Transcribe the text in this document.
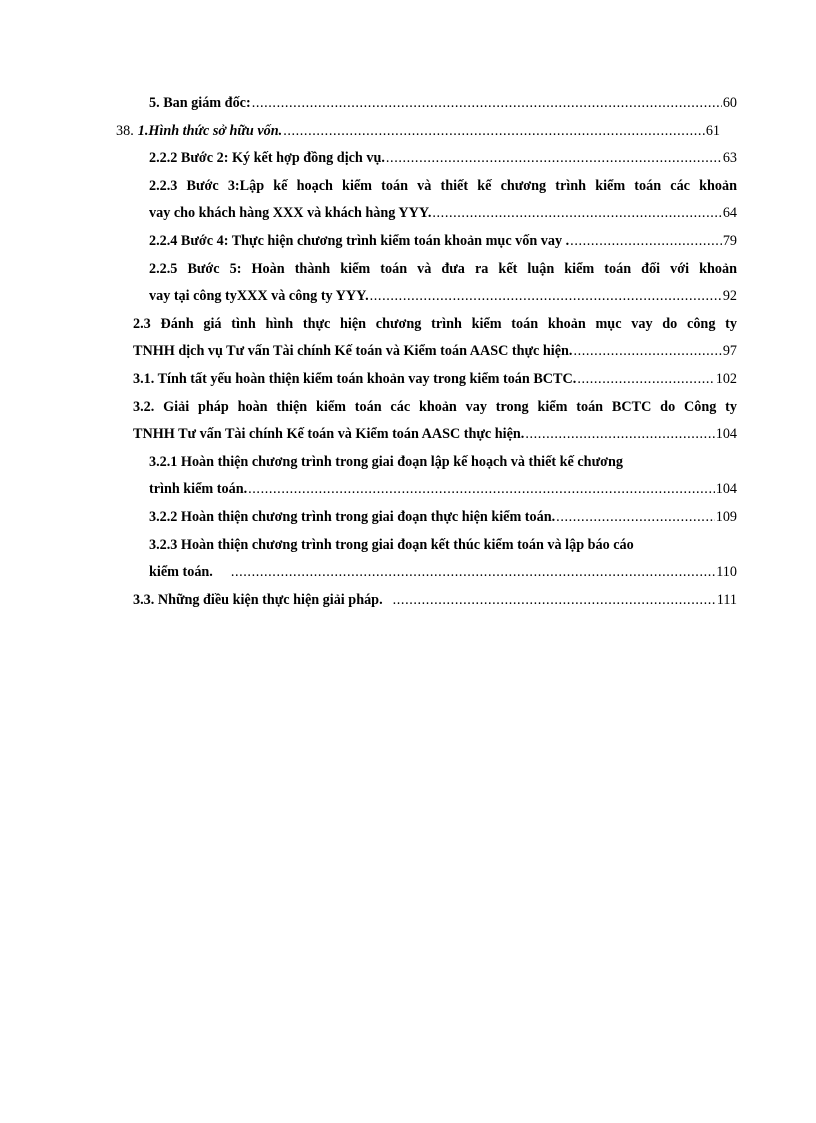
5. Ban giám đốc: .....	60
38. 1.Hình thức sở hữu vốn. .....	61
2.2.2 Bước 2: Ký kết hợp đồng dịch vụ. .....	63
2.2.3 Bước 3:Lập kế hoạch kiểm toán và thiết kế chương trình kiểm toán các khoản
vay cho khách hàng XXX và khách hàng YYY. .....	64
2.2.4 Bước 4: Thực hiện chương trình kiểm toán khoản mục vốn vay . .....	79
2.2.5 Bước 5: Hoàn thành kiểm toán và đưa ra kết luận kiểm toán đối với khoản
vay tại công tyXXX và công ty YYY. .....	92
2.3 Đánh giá tình hình thực hiện chương trình kiểm toán khoản mục vay do công ty
TNHH dịch vụ Tư vấn Tài chính Kế toán và Kiểm toán AASC thực hiện. .....	97
3.1. Tính tất yếu hoàn thiện kiểm toán khoản vay trong kiểm toán BCTC. .....	102
3.2. Giải pháp hoàn thiện kiểm toán các khoản vay trong kiểm toán BCTC do Công ty
TNHH Tư vấn Tài chính Kế toán và Kiểm toán AASC thực hiện. .....	104
3.2.1 Hoàn thiện chương trình trong giai đoạn lập kế hoạch và thiết kế chương
trình kiểm toán. .....	104
3.2.2 Hoàn thiện chương trình trong giai đoạn thực hiện kiểm toán. .....	109
3.2.3 Hoàn thiện chương trình trong giai đoạn kết thúc kiểm toán và lập báo cáo
kiểm toán. .....	110
3.3. Những điều kiện thực hiện giải pháp. .....	111
